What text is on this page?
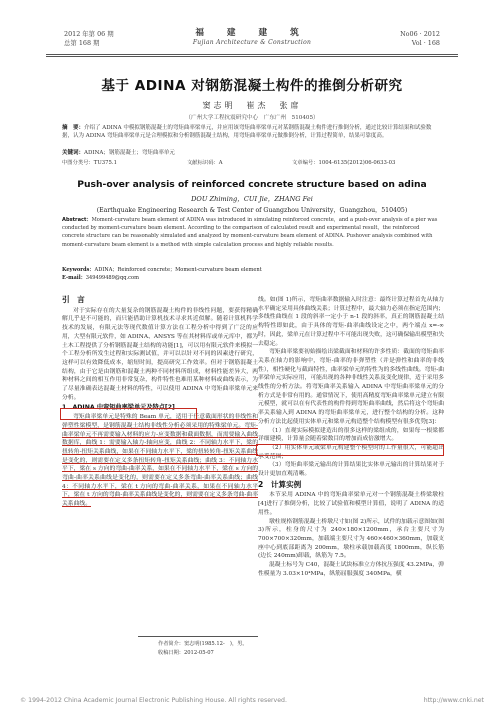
2012 年第 06 期
总第 168 期
福 建 建 筑
Fujian Architecture & Construction
No06 · 2012
Vol · 168
基于 ADINA 对钢筋混凝土构件的推倒分析研究
窦志明　崔杰　张席
（广州大学工程抗震研究中心　广东广州　510405）
摘　要：介绍了 ADINA 中模拟钢筋混凝土的弯矩曲率梁单元，并应用该弯矩曲率梁单元对某钢筋混凝土构件进行推倒分析，通过比较计算结果和试验数据，认为 ADINA 弯矩曲率梁单元是合理模拟和分析钢筋混凝土结构，用弯矩曲率梁单元做推倒分析，计算过程简单，结果可靠度高。
关键词：ADINA；钢筋混凝土；弯矩曲率单元
中图分类号：TU375.1	文献标识码：A	文章编号：1004-6135(2012)06-0633-03
Push-over analysis of reinforced concrete structure based on adina
DOU Zhiming，CUI Jie，ZHANG Fei
(Earthquake Engineering Research & Test Center of Guangzhou University，Guangzhou，510405)
Abstract：Moment-curvature beam element of ADINA was introduced in simulating reinforced concrete，and a push-over analysis of a pier was conducted by moment-curvature beam element. According to the comparison of calculated result and experimental result，the reinforced concrete structure can be reasonably simulated and analyzed by moment-curvature beam element of ADINA. Pushover analysis combined with moment-curvature beam element is a method with simple calculation process and highly reliable results.
Keywords：ADINA；Reinforced concrete；Moment-curvature beam element
E-mail：349499489@qq.com
引　言

对于实际存在的大量复杂的钢筋混凝土构件的非线性问题，要获得精确解几乎是不可能的，而只能借助计算机技术寻求其近似解。随着计算机科学技术的发展，有限元法等现代数值计算方法在工程分析中得到了广泛的应用，大型有限元软件，如 ADINA、ANSYS 等在其材料库或单元库中，都为土木工程提供了分析钢筋混凝土结构的功能[1]，可以用有限元软件来模拟一个工程分析所发生过程和实际测试值，并可以以针对不同的因素进行研究，这样可以有效降低成本，缩短时间，提高研究工作效率。但对于钢筋混凝土结构，由于它是由钢筋和混凝土两种不同材料所组成，材料性能差异大，两种材料之间的相互作用非常复杂，构件特性也难用某种材料或曲线表示，为了尽量准确表达混凝土材料的特性，可以使用 ADINA 中弯矩曲率梁单元来分析。

1　ADINA 中弯矩曲率梁单元及特点[2]

弯矩曲率梁单元是特殊的 Beam 单元，适用于任意截面形状的非线性和弹塑性梁模型，是钢筋混凝土结构非线性分析必须采用的特殊梁单元。弯矩-曲率梁单元不再需要输入材料的应力-应变数据和截面数据，而需要输入曲线数据库，曲线 1：需要输入轴力-轴向应变，曲线 2：不同轴力水平下，梁的扭转角-扭矩关系曲线，如果在不同轴力水平下，梁的扭转转角-扭矩关系曲线是变化的，则需要在定义多条扭矩转角-扭矩关系曲线；曲线 3：不同轴力水平下，梁在 s 方向的弯曲-曲率关系，如果在不同轴力水平下，梁在 s 方向的弯曲-曲率关系曲线是变化的，则需要在定义多条弯曲-曲率关系曲线；曲线 4：不同轴力水平下，梁在 t 方向的弯曲-曲率关系，如果在不同轴力水平下，梁在 t 方向的弯曲-曲率关系曲线是变化的，则需要在定义多条弯曲-曲率关系曲线。

线。如(图 1)所示，弯矩曲率数据输入时注意：最终计算过程首先从轴力水平确定采用具体曲线关系；计算过程中，最大轴力必须在指定范围内；多线性曲线在 1 段的斜率一定小于 n-1 段的斜率，真正的钢筋混凝土结构特性即如此，由于具体的弯矩-曲率曲线设定之中，两个端点 x=-∞时，因此，梁单元在计算过程中不可能出现失败，这可确保输出模型和失去稳定。

弯矩曲率梁要初始描绘出梁截面和材料的许多性质：截面的弯矩曲率关系在轴力的影响中，弯矩-曲率的非弹塑性（并是弹性和曲率的非线性），相性硬化与截面特性，曲率梁单元的特性为的多线性曲线。弯矩-曲率梁单元实际应用，可能出现的各种非线性关系及变化规律，适于采用多线性的分析方法。将弯矩曲率关系输入 ADINA 中弯矩曲率梁单元的分析方式是非常有用的。通常情况下，使用高精度弯矩曲率梁单元建立有限元模型，就可以在有代表性的构件得到弯矩曲率曲线，然后将这个弯矩曲率关系输入到 ADINA 的弯矩曲率梁单元，进行整个结构的分析。这种分析方法比起使用实体单元和梁单元构造整个结构模型有很多优势[3]：

（1）直观实际模拟建造出的很多这样的梁组成的，如果每一根梁都详细建模，计算量会随着梁数目的增加而成倍激增大。

（2）用实体单元或梁单元构建整个模型时的工作量很大，可能超出承受范围；

（3）弯矩曲率梁元输出的计算结果比实体单元输出的计算结果对于设计更加直观清晰。

2　计算实例

本节采用 ADINA 中的弯矩曲率梁单元对一个钢筋混凝土桥梁墩柱[4]进行了推倒分析，比较了试验值和模型计算值，说明了 ADINA 的适用性。

墩柱规格钢筋混凝土桥墩尺寸如(图 2)所示，试件的加载示意图如(图 3)所示，柱身的尺寸为 240×180×1200mm，承台主要尺寸为 700×700×320mm，加载端主要尺寸为 460×460×360mm，加载支座中心到底部距离为 200mm，墩柱承载加载高度 1800mm，纵长筋(边长 240mm)卸载，纵筋为 7.5。

混凝土标号为 C40，混凝土试块标准立方体抗压强度 43.2MPa，弹性模量为 3.03×10⁴MPa，纵筋屈服强度 340MPa，横

作者简介：窦志明(1985.12-　)，男。
收稿日期：2012-05-07
© 1994-2012 China Academic Journal Electronic Publishing House. All rights reserved.	http://www.cnki.net
